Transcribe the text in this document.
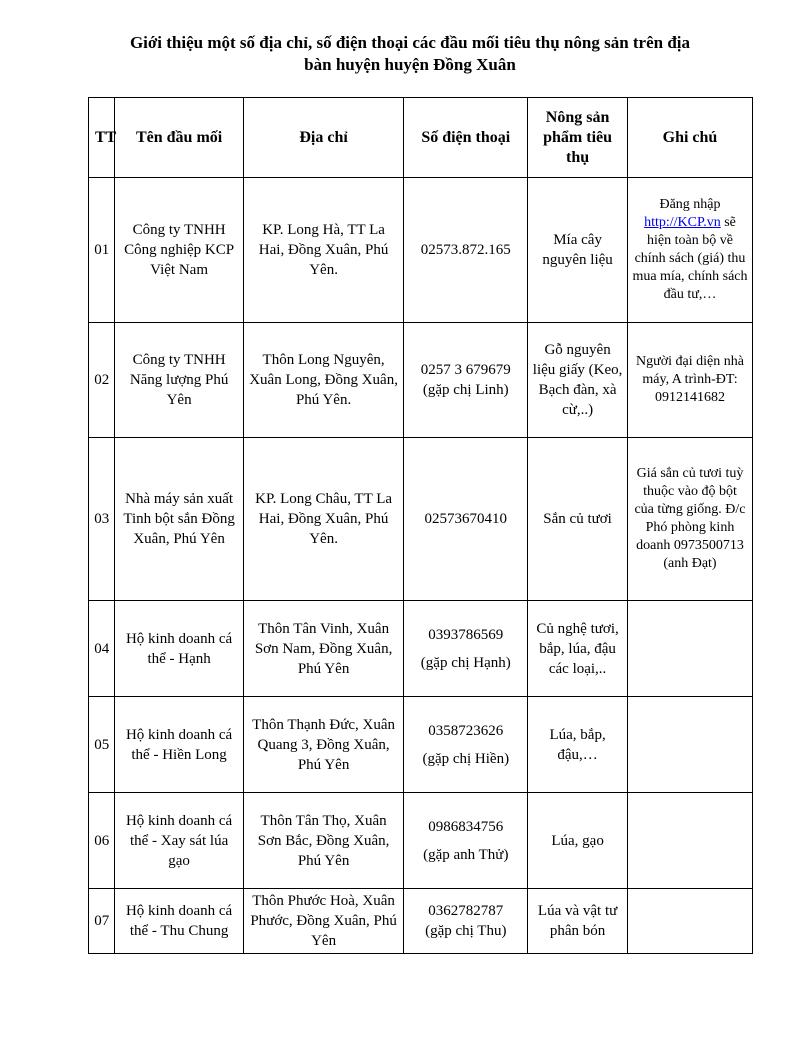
Giới thiệu một số địa chỉ, số điện thoại các đầu mối tiêu thụ nông sản trên địa
bàn huyện huyện Đồng Xuân
TT	Tên đầu mối	Địa chỉ	Số điện thoại	Nông sản phẩm tiêu thụ	Ghi chú
01	Công ty TNHH Công nghiệp KCP Việt Nam	KP. Long Hà, TT La Hai, Đồng Xuân, Phú Yên.	02573.872.165	Mía cây nguyên liệu	Đăng nhập http://KCP.vn sẽ hiện toàn bộ về chính sách (giá) thu mua mía, chính sách đầu tư,…
02	Công ty TNHH Năng lượng Phú Yên	Thôn Long Nguyên, Xuân Long, Đồng Xuân, Phú Yên.	0257 3 679679
(gặp chị Linh)	Gỗ nguyên liệu giấy (Keo, Bạch đàn, xà cừ,..)	Người đại diện nhà máy, A trình-ĐT: 0912141682
03	Nhà máy sản xuất Tinh bột sắn Đồng Xuân, Phú Yên	KP. Long Châu, TT La Hai, Đồng Xuân, Phú Yên.	02573670410	Sắn củ tươi	Giá sắn củ tươi tuỳ thuộc vào độ bột của từng giống. Đ/c Phó phòng kinh doanh 0973500713 (anh Đạt)
04	Hộ kinh doanh cá thể - Hạnh	Thôn Tân Vinh, Xuân Sơn Nam, Đồng Xuân, Phú Yên	0393786569
(gặp chị Hạnh)	Củ nghệ tươi, bắp, lúa, đậu các loại,..	
05	Hộ kinh doanh cá thể - Hiền Long	Thôn Thạnh Đức, Xuân Quang 3, Đồng Xuân, Phú Yên	0358723626
(gặp chị Hiền)	Lúa, bắp, đậu,…	
06	Hộ kinh doanh cá thể - Xay sát lúa gạo	Thôn Tân Thọ, Xuân Sơn Bắc, Đồng Xuân, Phú Yên	0986834756
(gặp anh Thử)	Lúa, gạo	
07	Hộ kinh doanh cá thể - Thu Chung	Thôn Phước Hoà, Xuân Phước, Đồng Xuân, Phú Yên	0362782787
(gặp chị Thu)	Lúa và vật tư phân bón	
